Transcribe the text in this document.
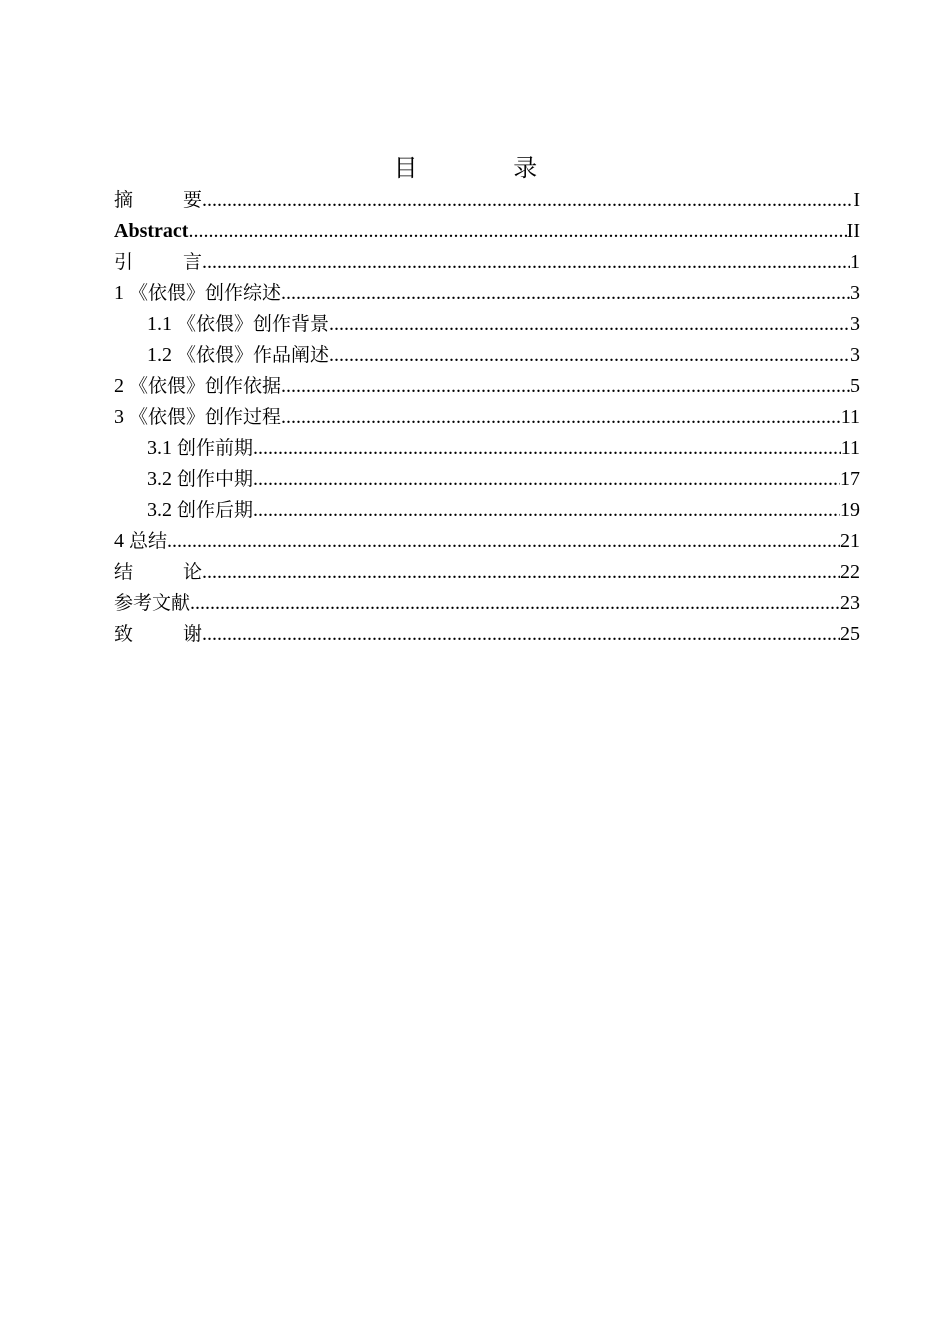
目 录
摘　　要 .....	I
Abstract .....	II
引　　言 .....	1
1 《依偎》创作综述 .....	3
1.1 《依偎》创作背景 .....	3
1.2 《依偎》作品阐述 .....	3
2 《依偎》创作依据 .....	5
3 《依偎》创作过程 .....	11
3.1 创作前期 .....	11
3.2 创作中期 .....	17
3.2 创作后期 .....	19
4 总结 .....	21
结　　论 .....	22
参考文献 .....	23
致　　谢 .....	25
